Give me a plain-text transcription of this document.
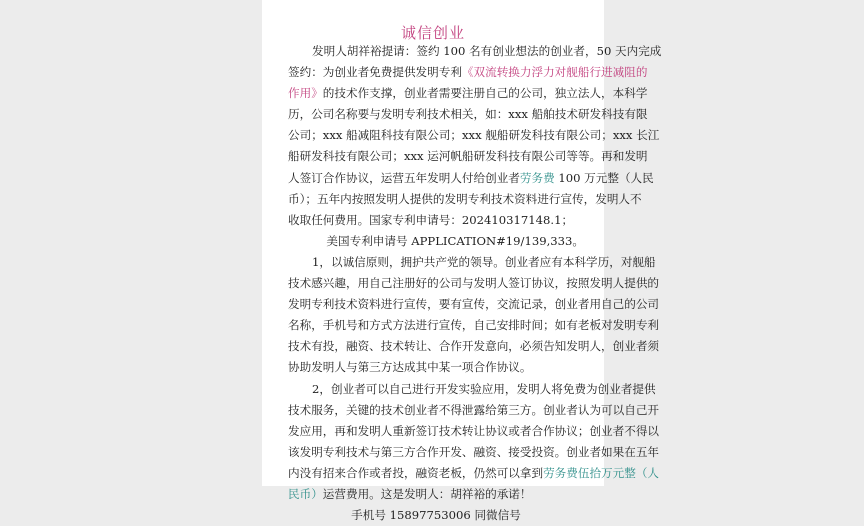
诚信创业
发明人胡祥裕提请：签约 100 名有创业想法的创业者，50 天内完成
签约：为创业者免费提供发明专利《双流转换力浮力对舰船行进减阻的
作用》的技术作支撑，创业者需要注册自己的公司，独立法人，本科学
历，公司名称要与发明专利技术相关，如：xxx 船舶技术研发科技有限
公司；xxx 船减阻科技有限公司；xxx 舰船研发科技有限公司；xxx 长江
船研发科技有限公司；xxx 运河帆船研发科技有限公司等等。再和发明
人签订合作协议，运营五年发明人付给创业者劳务费 100 万元整（人民
币）；五年内按照发明人提供的发明专利技术资料进行宣传，发明人不
收取任何费用。国家专利申请号：202410317148.1；
美国专利申请号 APPLICATION#19/139,333。
1，以诚信原则，拥护共产党的领导。创业者应有本科学历，对舰船
技术感兴趣，用自己注册好的公司与发明人签订协议，按照发明人提供的
发明专利技术资料进行宣传，要有宣传，交流记录，创业者用自己的公司
名称，手机号和方式方法进行宣传，自己安排时间；如有老板对发明专利
技术有投，融资、技术转让、合作开发意向，必须告知发明人，创业者须
协助发明人与第三方达成其中某一项合作协议。
2，创业者可以自己进行开发实验应用，发明人将免费为创业者提供
技术服务，关键的技术创业者不得泄露给第三方。创业者认为可以自己开
发应用，再和发明人重新签订技术转让协议或者合作协议；创业者不得以
该发明专利技术与第三方合作开发、融资、接受投资。创业者如果在五年
内没有招来合作或者投，融资老板，仍然可以拿到劳务费伍拾万元整（人
民币）运营费用。这是发明人：胡祥裕的承诺！
手机号 15897753006 同微信号
